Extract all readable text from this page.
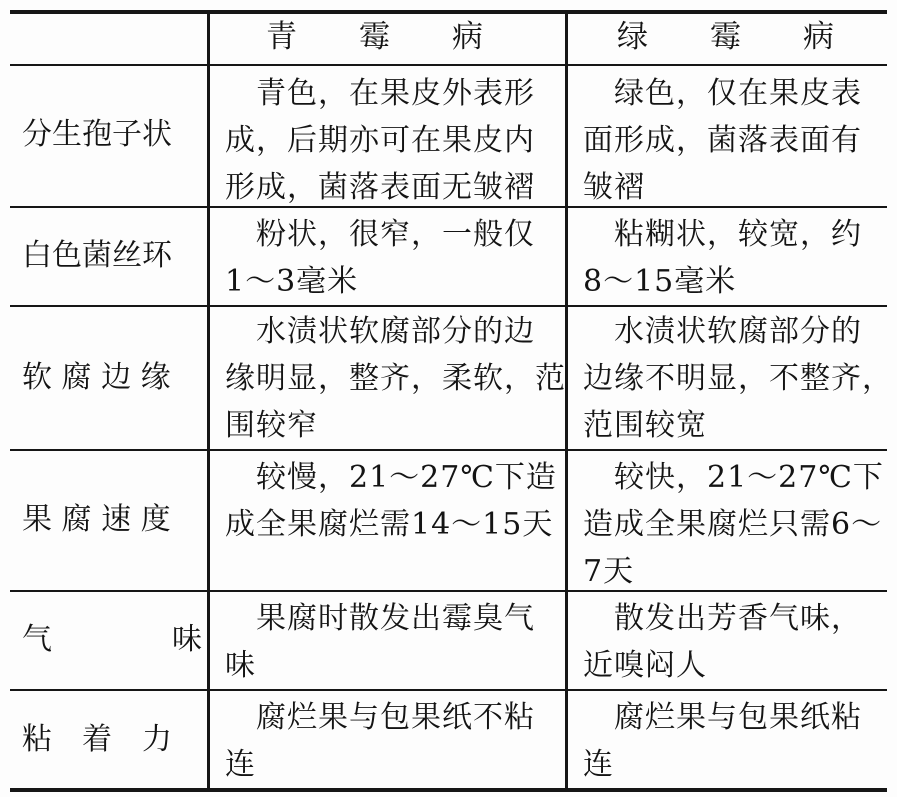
青　　霉　　病	绿　　霉　　病
分生孢子状
青色，在果皮外表形
成，后期亦可在果皮内
形成，菌落表面无皱褶
绿色，仅在果皮表
面形成，菌落表面有
皱褶
白色菌丝环
粉状，很窄，一般仅
1～3毫米
粘糊状，较宽，约
8～15毫米
软 腐 边 缘
水渍状软腐部分的边
缘明显，整齐，柔软，范
围较窄
水渍状软腐部分的
边缘不明显，不整齐，
范围较宽
果 腐 速 度
较慢，21～27℃下造
成全果腐烂需14～15天
较快，21～27℃下
造成全果腐烂只需6～
7天
气　　　　味
果腐时散发出霉臭气
味
散发出芳香气味，
近嗅闷人
粘　着　力
腐烂果与包果纸不粘
连
腐烂果与包果纸粘
连
